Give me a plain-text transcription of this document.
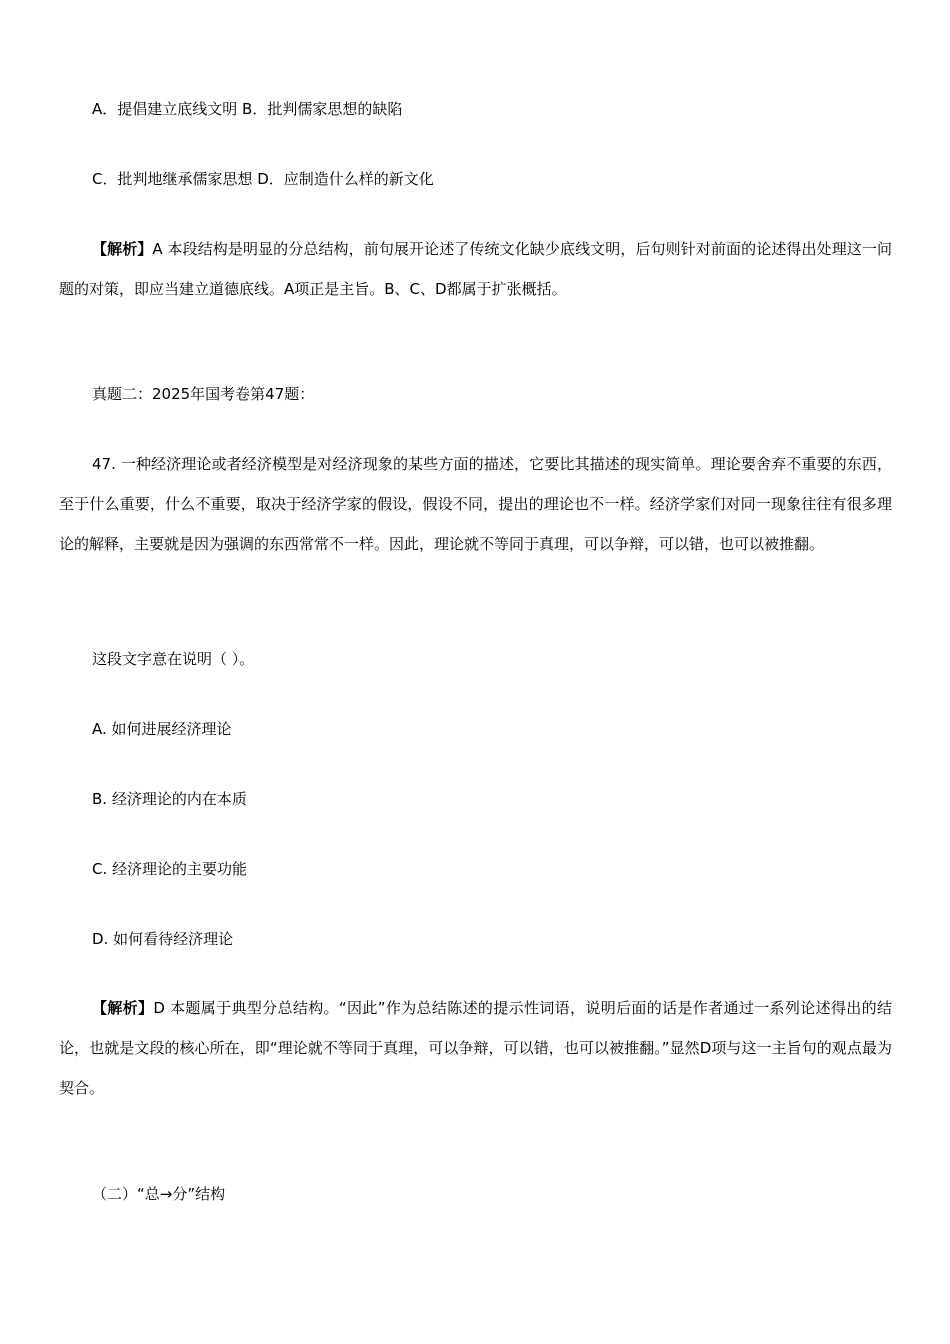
A．提倡建立底线文明 B．批判儒家思想的缺陷
C．批判地继承儒家思想 D．应制造什么样的新文化
【解析】A 本段结构是明显的分总结构，前句展开论述了传统文化缺少底线文明，后句则针对前面的论述得出处理这一问题的对策，即应当建立道德底线。A项正是主旨。B、C、D都属于扩张概括。
真题二：2025年国考卷第47题：
47. 一种经济理论或者经济模型是对经济现象的某些方面的描述，它要比其描述的现实简单。理论要舍弃不重要的东西，至于什么重要，什么不重要，取决于经济学家的假设，假设不同，提出的理论也不一样。经济学家们对同一现象往往有很多理论的解释，主要就是因为强调的东西常常不一样。因此，理论就不等同于真理，可以争辩，可以错，也可以被推翻。
这段文字意在说明（ ）。
A. 如何进展经济理论
B. 经济理论的内在本质
C. 经济理论的主要功能
D. 如何看待经济理论
【解析】D 本题属于典型分总结构。“因此”作为总结陈述的提示性词语，说明后面的话是作者通过一系列论述得出的结论，也就是文段的核心所在，即“理论就不等同于真理，可以争辩，可以错，也可以被推翻。”显然D项与这一主旨句的观点最为契合。
（二）“总→分”结构
